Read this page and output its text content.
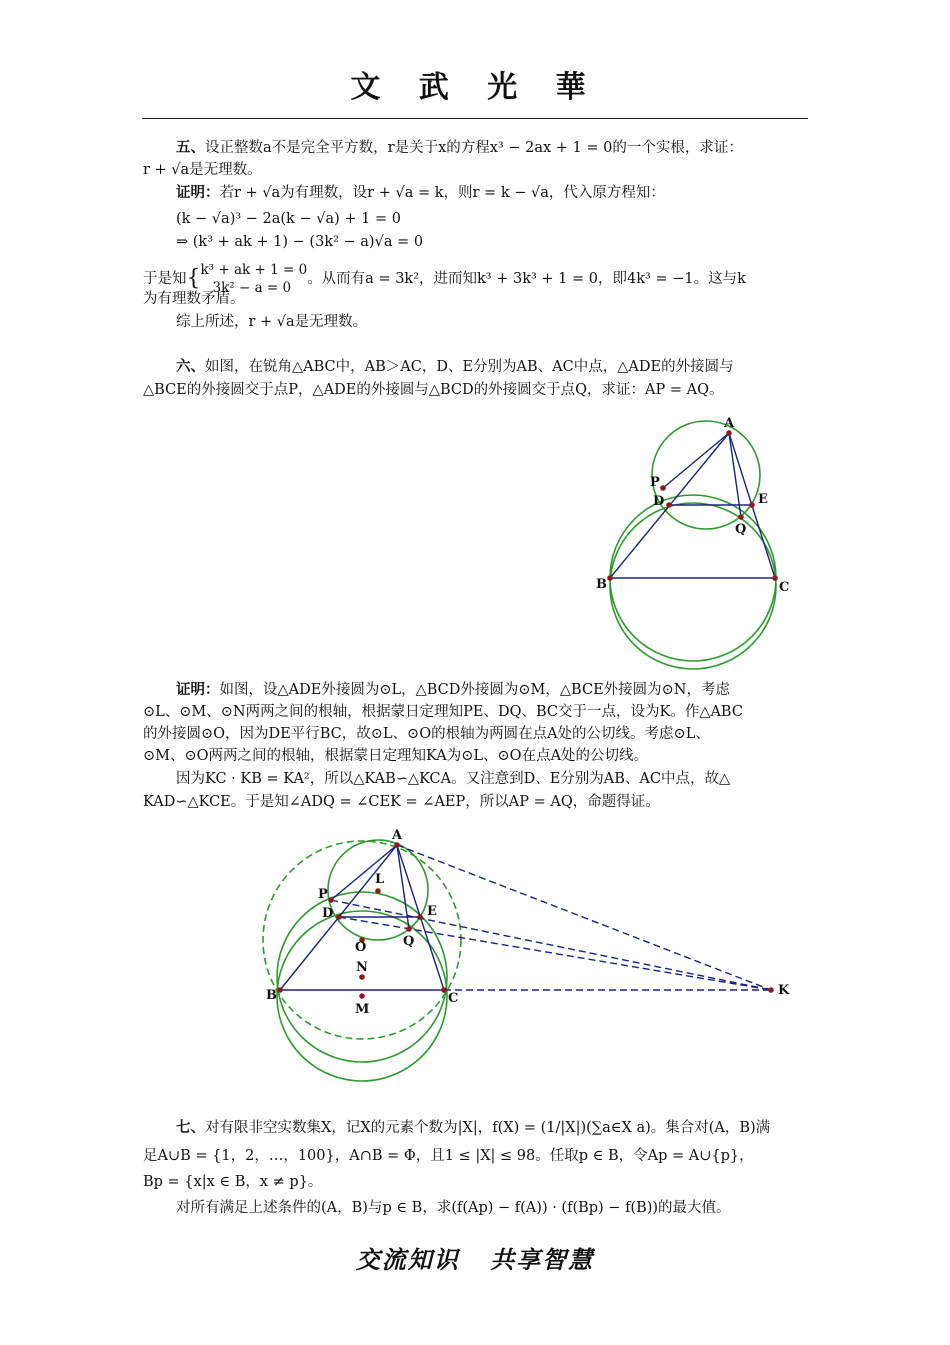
文 武 光 華
五、设正整数a不是完全平方数，r是关于x的方程x³ − 2ax + 1 = 0的一个实根，求证：
r + √a是无理数。
证明：若r + √a为有理数，设r + √a = k，则r = k − √a，代入原方程知：
(k − √a)³ − 2a(k − √a) + 1 = 0
⇒ (k³ + ak + 1) − (3k² − a)√a = 0
于是知{ k³ + ak + 1 = 0
3k² − a = 0
。从而有a = 3k²，进而知k³ + 3k³ + 1 = 0，即4k³ = −1。这与k
为有理数矛盾。
综上所述，r + √a是无理数。
六、如图，在锐角△ABC中，AB＞AC，D、E分别为AB、AC中点，△ADE的外接圆与
△BCE的外接圆交于点P，△ADE的外接圆与△BCD的外接圆交于点Q，求证：AP = AQ。
A
P
D	E
Q
B	C
证明：如图，设△ADE外接圆为⊙L，△BCD外接圆为⊙M，△BCE外接圆为⊙N，考虑
⊙L、⊙M、⊙N两两之间的根轴，根据蒙日定理知PE、DQ、BC交于一点，设为K。作△ABC
的外接圆⊙O，因为DE平行BC，故⊙L、⊙O的根轴为两圆在点A处的公切线。考虑⊙L、
⊙M、⊙O两两之间的根轴，根据蒙日定理知KA为⊙L、⊙O在点A处的公切线。
因为KC · KB = KA²，所以△KAB∽△KCA。又注意到D、E分别为AB、AC中点，故△
KAD∽△KCE。于是知∠ADQ = ∠CEK = ∠AEP，所以AP = AQ，命题得证。
A
P
L
D	E
Q
O
N
B	C
M
K
七、对有限非空实数集X，记X的元素个数为|X|，f(X) = (1/|X|)(∑a∈X a)。集合对(A，B)满
足A∪B = {1，2，…，100}，A∩B = Φ，且1 ≤ |X| ≤ 98。任取p ∈ B，令Ap = A∪{p}，
Bp = {x|x ∈ B，x ≠ p}。
对所有满足上述条件的(A，B)与p ∈ B，求(f(Ap) − f(A)) · (f(Bp) − f(B))的最大值。
交流知识 共享智慧
